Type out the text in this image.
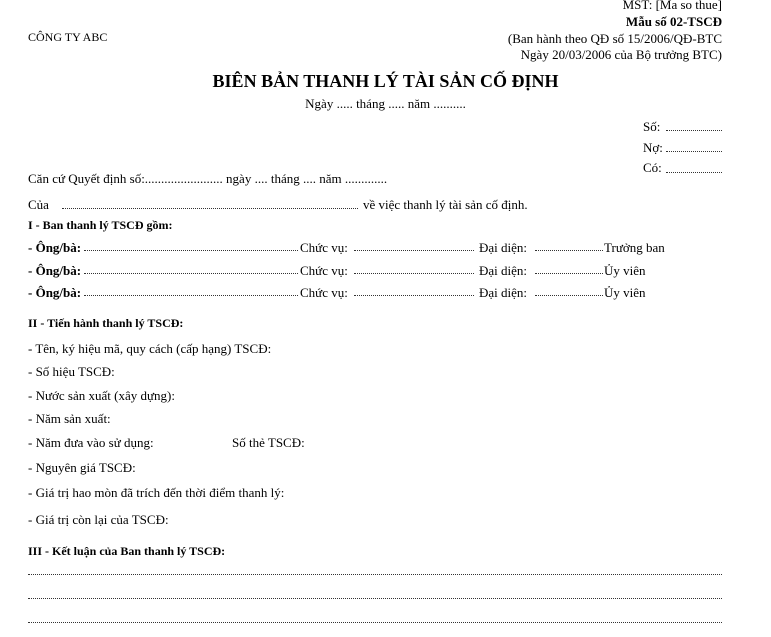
MST: [Ma so thue]
Mẫu số 02-TSCĐ
(Ban hành theo QĐ số 15/2006/QĐ-BTC
Ngày 20/03/2006 của Bộ trưởng BTC)
CÔNG TY ABC
BIÊN BẢN THANH LÝ TÀI SẢN CỐ ĐỊNH
Ngày ..... tháng ..... năm ..........
Số:
Nợ:
Có:
Căn cứ Quyết định số:........................ ngày .... tháng .... năm .............
Của	về việc thanh lý tài sản cố định.
I - Ban thanh lý TSCĐ gồm:
- Ông/bà:	Chức vụ:	Đại diện:	Trưởng ban
- Ông/bà:	Chức vụ:	Đại diện:	Ủy viên
- Ông/bà:	Chức vụ:	Đại diện:	Ủy viên
II - Tiến hành thanh lý TSCĐ:
- Tên, ký hiệu mã, quy cách (cấp hạng) TSCĐ:
- Số hiệu TSCĐ:
- Nước sản xuất (xây dựng):
- Năm sản xuất:
- Năm đưa vào sử dụng:	Số thẻ TSCĐ:
- Nguyên giá TSCĐ:
- Giá trị hao mòn đã trích đến thời điểm thanh lý:
- Giá trị còn lại của TSCĐ:
III - Kết luận của Ban thanh lý TSCĐ:
